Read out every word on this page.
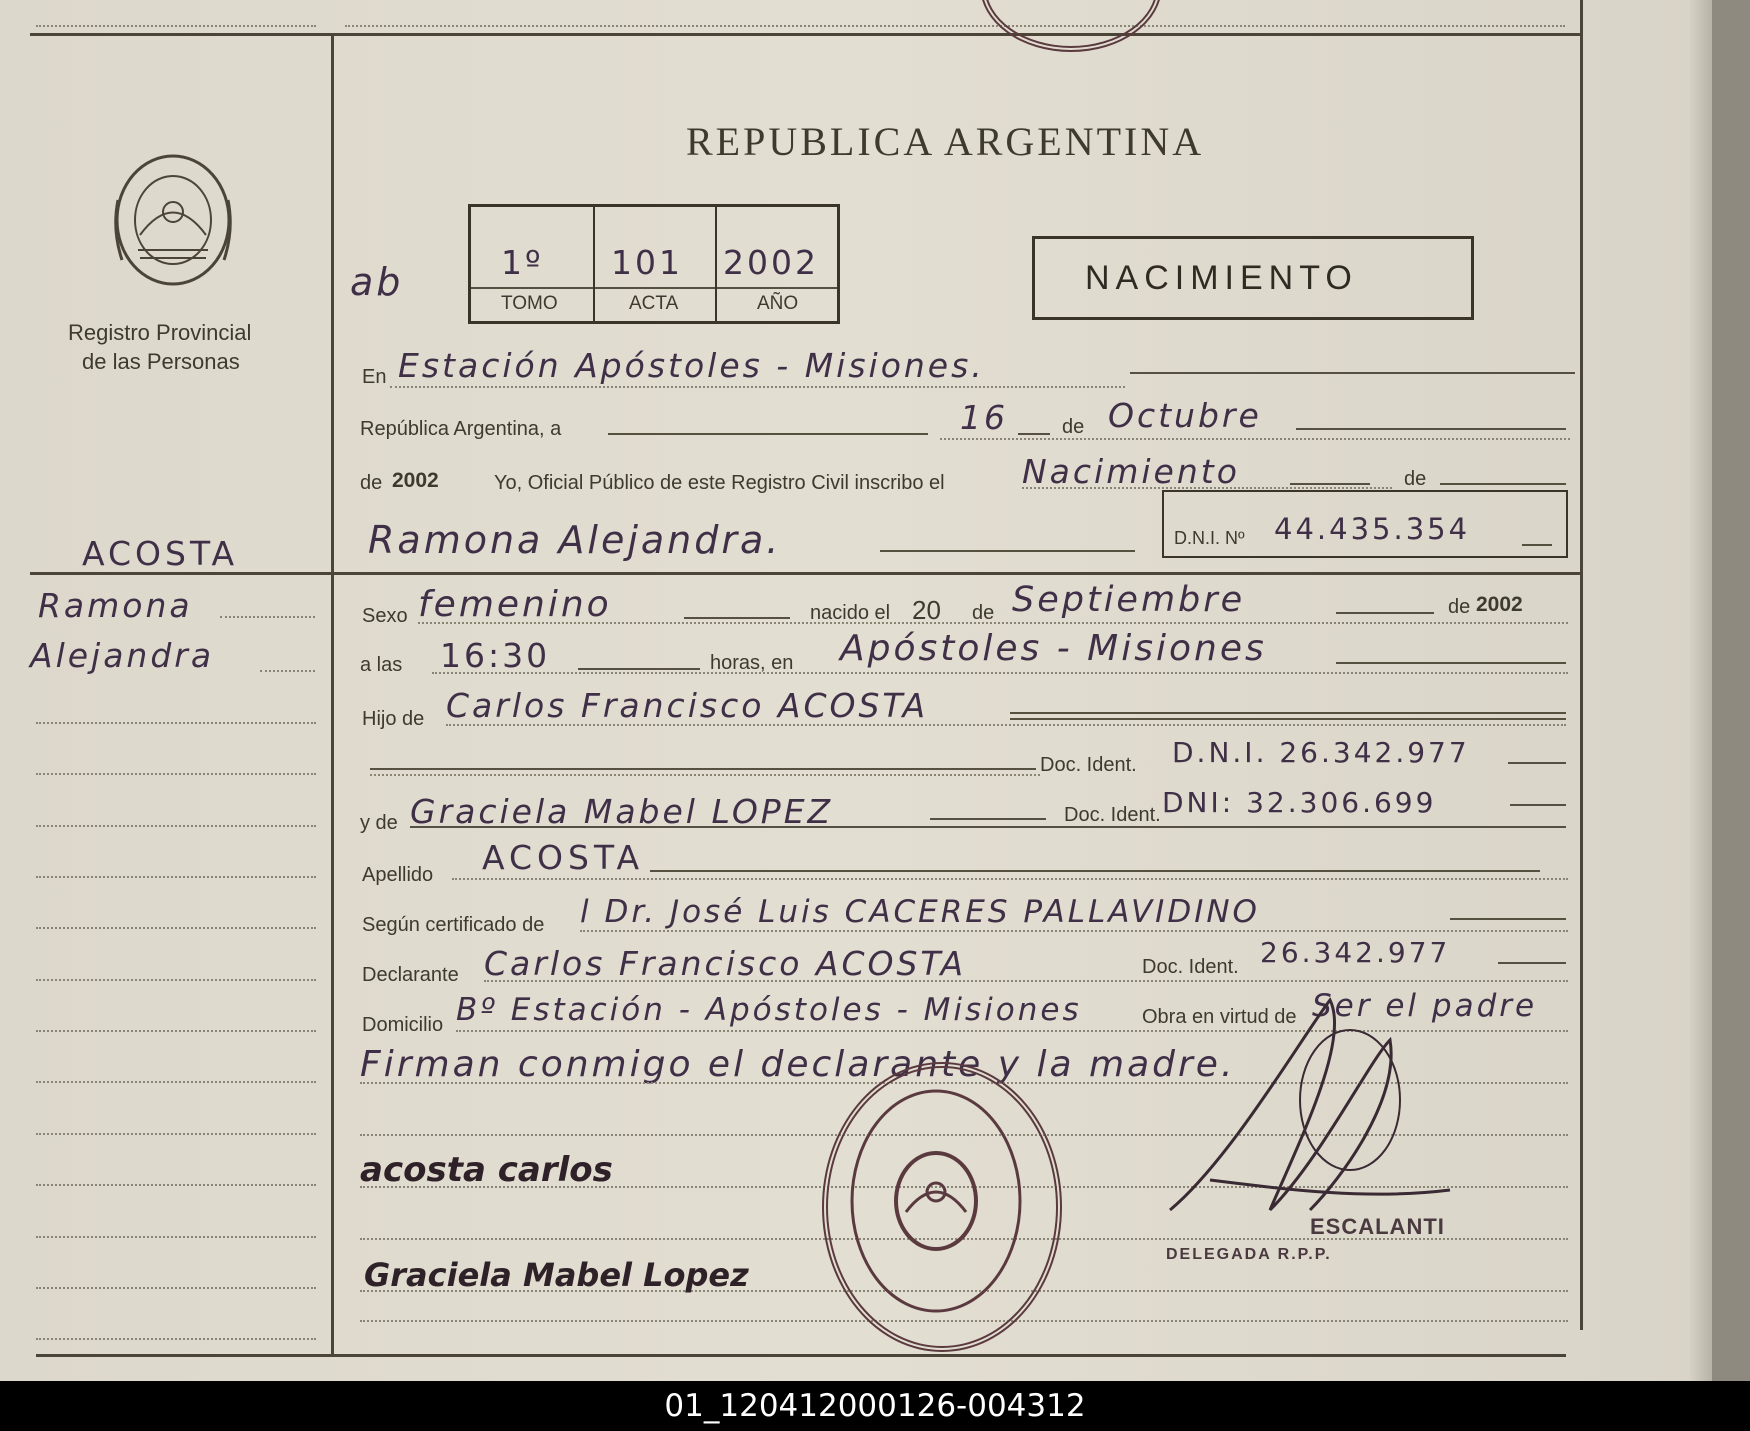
Registro Provincial
de las Personas
ACOSTA
Ramona
Alejandra
REPUBLICA ARGENTINA
1º 101 2002
TOMO	ACTA	AÑO
ab	NACIMIENTO
En Estación Apóstoles - Misiones.
República Argentina, a	16	de Octubre
de 2002	Yo, Oficial Público de este Registro Civil inscribo el Nacimiento	de
Ramona Alejandra.	D.N.I. Nº 44.435.354
Sexo femenino	nacido el 20 de Septiembre	de 2002
a las 16:30	horas, en Apóstoles - Misiones
Hijo de Carlos Francisco ACOSTA
Doc. Ident. D.N.I. 26.342.977
y de Graciela Mabel LOPEZ	Doc. Ident. DNI: 32.306.699
Apellido ACOSTA
Según certificado de l Dr. José Luis CACERES PALLAVIDINO
Declarante Carlos Francisco ACOSTA	Doc. Ident. 26.342.977
Domicilio Bº Estación - Apóstoles - Misiones	Obra en virtud de Ser el padre
Firman conmigo el declarante y la madre.
acosta carlos
Graciela Mabel Lopez
ESCALANTI
DELEGADA R.P.P.
01_120412000126-004312
